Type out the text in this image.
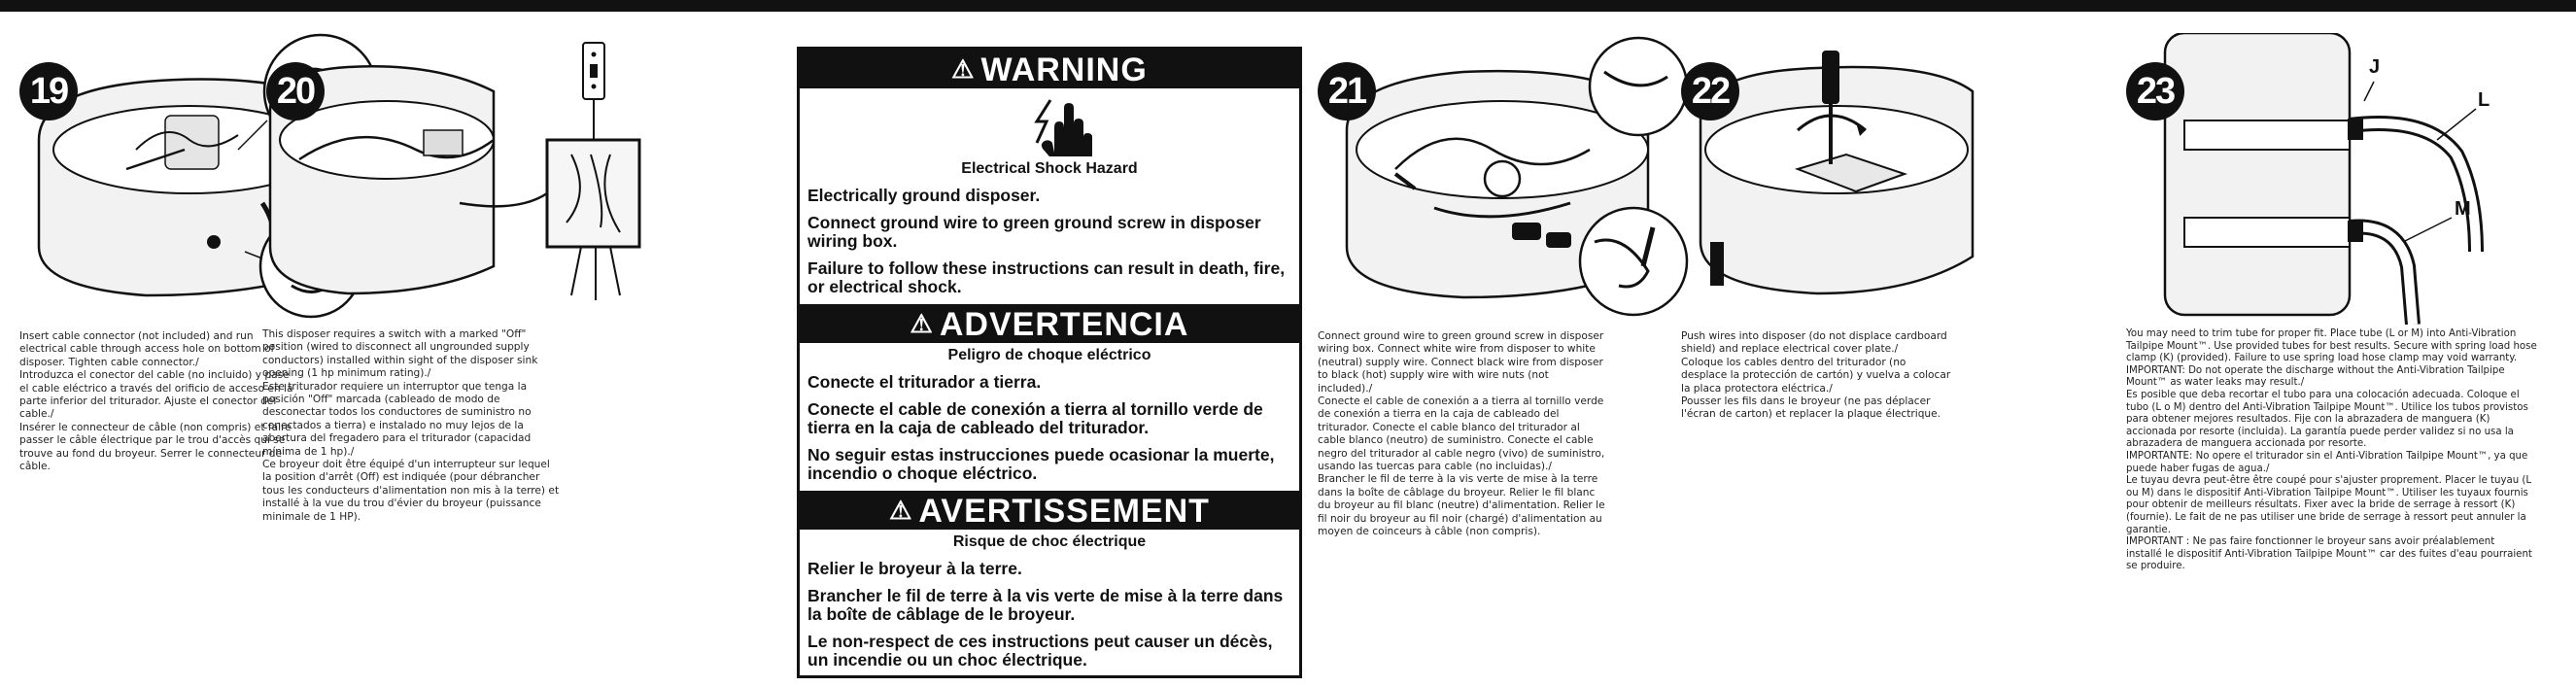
19
Insert cable connector (not included) and run
electrical cable through access hole on bottom of
disposer. Tighten cable connector./
Introduzca el conector del cable (no incluido) y pase
el cable eléctrico a través del orificio de acceso en la
parte inferior del triturador. Ajuste el conector del
cable./
Insérer le connecteur de câble (non compris) et faire
passer le câble électrique par le trou d'accès qui se
trouve au fond du broyeur. Serrer le connecteur de
câble.
20
This disposer requires a switch with a marked "Off"
position (wired to disconnect all ungrounded supply
conductors) installed within sight of the disposer sink
opening (1 hp minimum rating)./
Este triturador requiere un interruptor que tenga la
posición "Off" marcada (cableado de modo de
desconectar todos los conductores de suministro no
conectados a tierra) e instalado no muy lejos de la
abertura del fregadero para el triturador (capacidad
mínima de 1 hp)./
Ce broyeur doit être équipé d'un interrupteur sur lequel
la position d'arrêt (Off) est indiquée (pour débrancher
tous les conducteurs d'alimentation non mis à la terre) et
installé à la vue du trou d'évier du broyeur (puissance
minimale de 1 HP).
⚠ WARNING
Electrical Shock Hazard
Electrically ground disposer.
Connect ground wire to green ground screw in disposer wiring box.
Failure to follow these instructions can result in death, fire, or electrical shock.
⚠ ADVERTENCIA
Peligro de choque eléctrico
Conecte el triturador a tierra.
Conecte el cable de conexión a tierra al tornillo verde de tierra en la caja de cableado del triturador.
No seguir estas instrucciones puede ocasionar la muerte, incendio o choque eléctrico.
⚠ AVERTISSEMENT
Risque de choc électrique
Relier le broyeur à la terre.
Brancher le fil de terre à la vis verte de mise à la terre dans la boîte de câblage de le broyeur.
Le non-respect de ces instructions peut causer un décès, un incendie ou un choc électrique.
21
Connect ground wire to green ground screw in disposer
wiring box. Connect white wire from disposer to white
(neutral) supply wire. Connect black wire from disposer
to black (hot) supply wire with wire nuts (not
included)./
Conecte el cable de conexión a a tierra al tornillo verde
de conexión a tierra en la caja de cableado del
triturador. Conecte el cable blanco del triturador al
cable blanco (neutro) de suministro. Conecte el cable
negro del triturador al cable negro (vivo) de suministro,
usando las tuercas para cable (no incluidas)./
Brancher le fil de terre à la vis verte de mise à la terre
dans la boîte de câblage du broyeur. Relier le fil blanc
du broyeur au fil blanc (neutre) d'alimentation. Relier le
fil noir du broyeur au fil noir (chargé) d'alimentation au
moyen de coinceurs à câble (non compris).
22
Push wires into disposer (do not displace cardboard
shield) and replace electrical cover plate./
Coloque los cables dentro del triturador (no
desplace la protección de cartón) y vuelva a colocar
la placa protectora eléctrica./
Pousser les fils dans le broyeur (ne pas déplacer
l'écran de carton) et replacer la plaque électrique.
23
J
L
M
You may need to trim tube for proper fit. Place tube (L or M) into Anti-Vibration
Tailpipe Mount™. Use provided tubes for best results. Secure with spring load hose
clamp (K) (provided). Failure to use spring load hose clamp may void warranty.
IMPORTANT: Do not operate the discharge without the Anti-Vibration Tailpipe
Mount™ as water leaks may result./
Es posible que deba recortar el tubo para una colocación adecuada. Coloque el
tubo (L o M) dentro del Anti-Vibration Tailpipe Mount™. Utilice los tubos provistos
para obtener mejores resultados. Fije con la abrazadera de manguera (K)
accionada por resorte (incluida). La garantía puede perder validez si no usa la
abrazadera de manguera accionada por resorte.
IMPORTANTE: No opere el triturador sin el Anti-Vibration Tailpipe Mount™, ya que
puede haber fugas de agua./
Le tuyau devra peut-être être coupé pour s'ajuster proprement. Placer le tuyau (L
ou M) dans le dispositif Anti-Vibration Tailpipe Mount™. Utiliser les tuyaux fournis
pour obtenir de meilleurs résultats. Fixer avec la bride de serrage à ressort (K)
(fournie). Le fait de ne pas utiliser une bride de serrage à ressort peut annuler la
garantie.
IMPORTANT : Ne pas faire fonctionner le broyeur sans avoir préalablement
installé le dispositif Anti-Vibration Tailpipe Mount™ car des fuites d'eau pourraient
se produire.
